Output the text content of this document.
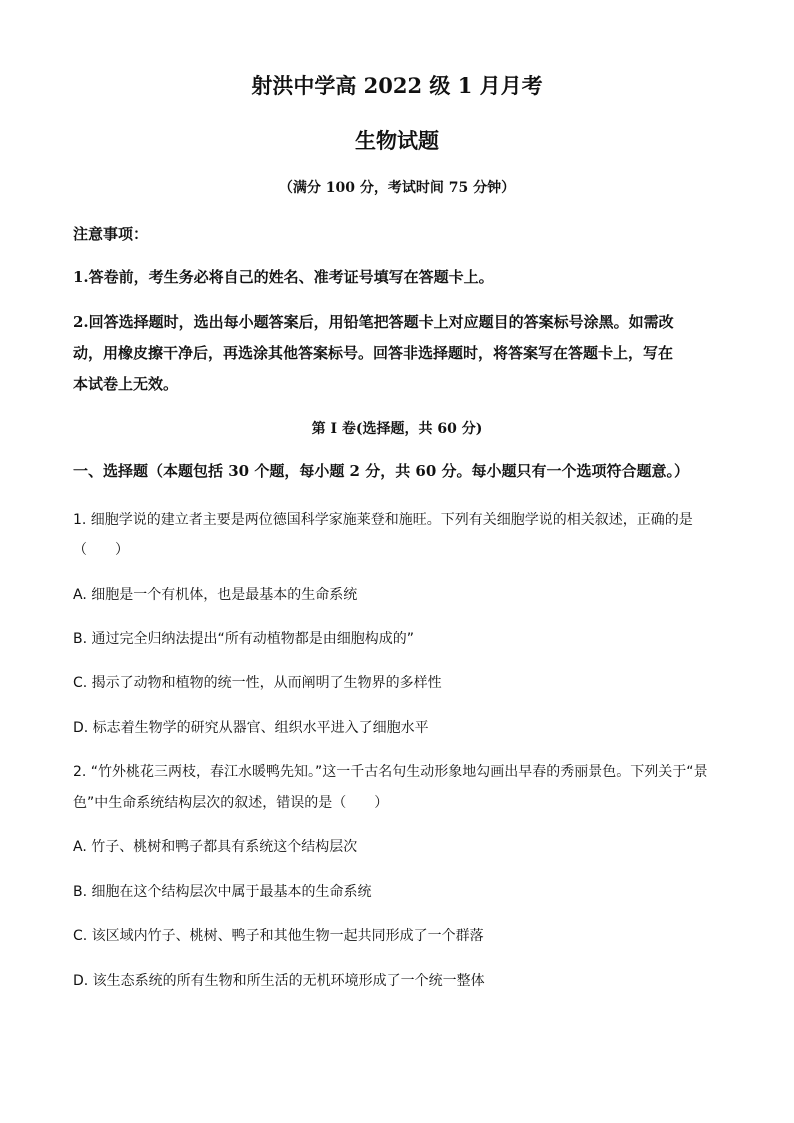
射洪中学高 2022 级 1 月月考
生物试题
（满分 100 分，考试时间 75 分钟）
注意事项：
1.答卷前，考生务必将自己的姓名、准考证号填写在答题卡上。
2.回答选择题时，选出每小题答案后，用铅笔把答题卡上对应题目的答案标号涂黑。如需改
动，用橡皮擦干净后，再选涂其他答案标号。回答非选择题时，将答案写在答题卡上，写在
本试卷上无效。
第 I 卷(选择题，共 60 分)
一、选择题（本题包括 30 个题，每小题 2 分，共 60 分。每小题只有一个选项符合题意。）
1. 细胞学说的建立者主要是两位德国科学家施莱登和施旺。下列有关细胞学说的相关叙述，正确的是
（　　）
A. 细胞是一个有机体，也是最基本的生命系统
B. 通过完全归纳法提出“所有动植物都是由细胞构成的”
C. 揭示了动物和植物的统一性，从而阐明了生物界的多样性
D. 标志着生物学的研究从器官、组织水平进入了细胞水平
2. “竹外桃花三两枝，春江水暖鸭先知。”这一千古名句生动形象地勾画出早春的秀丽景色。下列关于“景
色”中生命系统结构层次的叙述，错误的是（　　）
A. 竹子、桃树和鸭子都具有系统这个结构层次
B. 细胞在这个结构层次中属于最基本的生命系统
C. 该区域内竹子、桃树、鸭子和其他生物一起共同形成了一个群落
D. 该生态系统的所有生物和所生活的无机环境形成了一个统一整体
